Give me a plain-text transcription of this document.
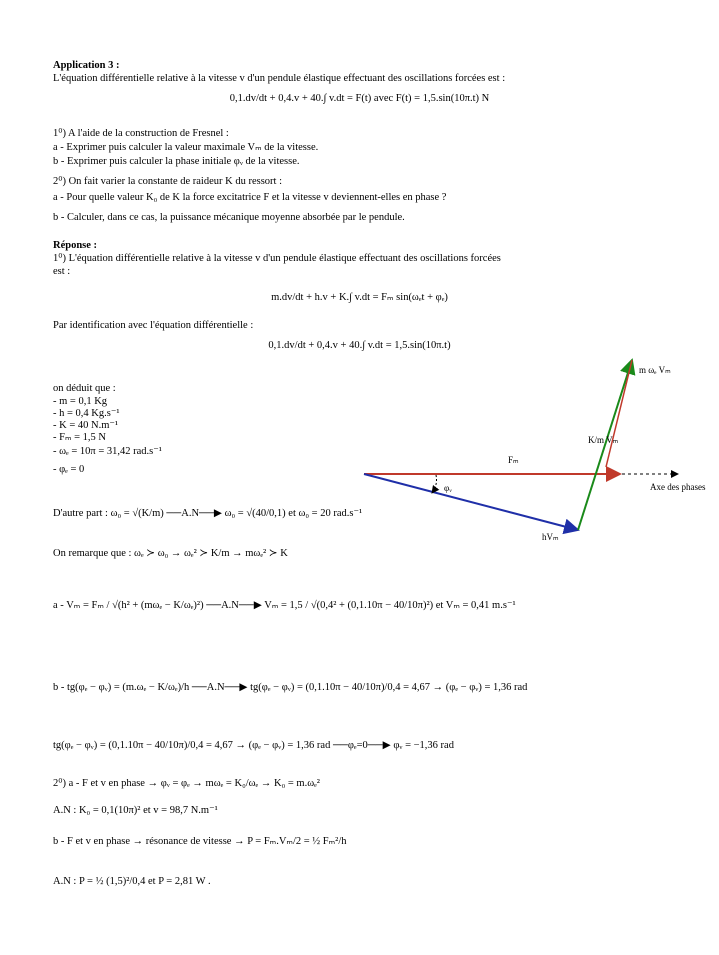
Application 3 :
L'équation différentielle relative à la vitesse v d'un pendule élastique effectuant des oscillations forcées est :
0,1.dv/dt + 0,4.v + 40.∫ v.dt = F(t) avec F(t) = 1,5.sin(10π.t) N
1⁰) A l'aide de la construction de Fresnel :
a - Exprimer puis calculer la valeur maximale Vₘ de la vitesse.
b - Exprimer puis calculer la phase initiale φᵥ de la vitesse.
2⁰) On fait varier la constante de raideur K du ressort :
a - Pour quelle valeur K₀ de K la force excitatrice F et la vitesse v deviennent-elles en phase ?
b - Calculer, dans ce cas, la puissance mécanique moyenne absorbée par le pendule.
Réponse :
1⁰) L'équation différentielle relative à la vitesse v d'un pendule élastique effectuant des oscillations forcées
est :
m.dv/dt + h.v + K.∫ v.dt = Fₘ sin(ωₑt + φₑ)
Par identification avec l'équation différentielle :
0,1.dv/dt + 0,4.v + 40.∫ v.dt = 1,5.sin(10π.t)
on déduit que :
- m = 0,1 Kg
- h = 0,4 Kg.s⁻¹
- K = 40 N.m⁻¹
- Fₘ = 1,5 N
- ωₑ = 10π = 31,42 rad.s⁻¹
- φₑ = 0
m ωₑ Vₘ
K/m Vₘ
Fₘ
Axe des phases
φᵥ
hVₘ
D'autre part : ω₀ = √(K/m) ──A.N──▶ ω₀ = √(40/0,1) et ω₀ = 20 rad.s⁻¹
On remarque que : ωₑ ≻ ω₀ → ωₑ² ≻ K/m → mωₑ² ≻ K
a - Vₘ = Fₘ / √(h² + (mωₑ − K/ωₑ)²) ──A.N──▶ Vₘ = 1,5 / √(0,4² + (0,1.10π − 40/10π)²) et Vₘ = 0,41 m.s⁻¹
b - tg(φₑ − φᵥ) = (m.ωₑ − K/ωₑ)/h ──A.N──▶ tg(φₑ − φᵥ) = (0,1.10π − 40/10π)/0,4 = 4,67 → (φₑ − φᵥ) = 1,36 rad
tg(φₑ − φᵥ) = (0,1.10π − 40/10π)/0,4 = 4,67 → (φₑ − φᵥ) = 1,36 rad ──φₑ=0──▶ φᵥ = −1,36 rad
2⁰) a - F et v en phase → φᵥ = φₑ → mωₑ = K₀/ωₑ → K₀ = m.ωₑ²
A.N : K₀ = 0,1(10π)² et v = 98,7 N.m⁻¹
b - F et v en phase → résonance de vitesse → P = Fₘ.Vₘ/2 = ½ Fₘ²/h
A.N : P = ½ (1,5)²/0,4 et P = 2,81 W .
